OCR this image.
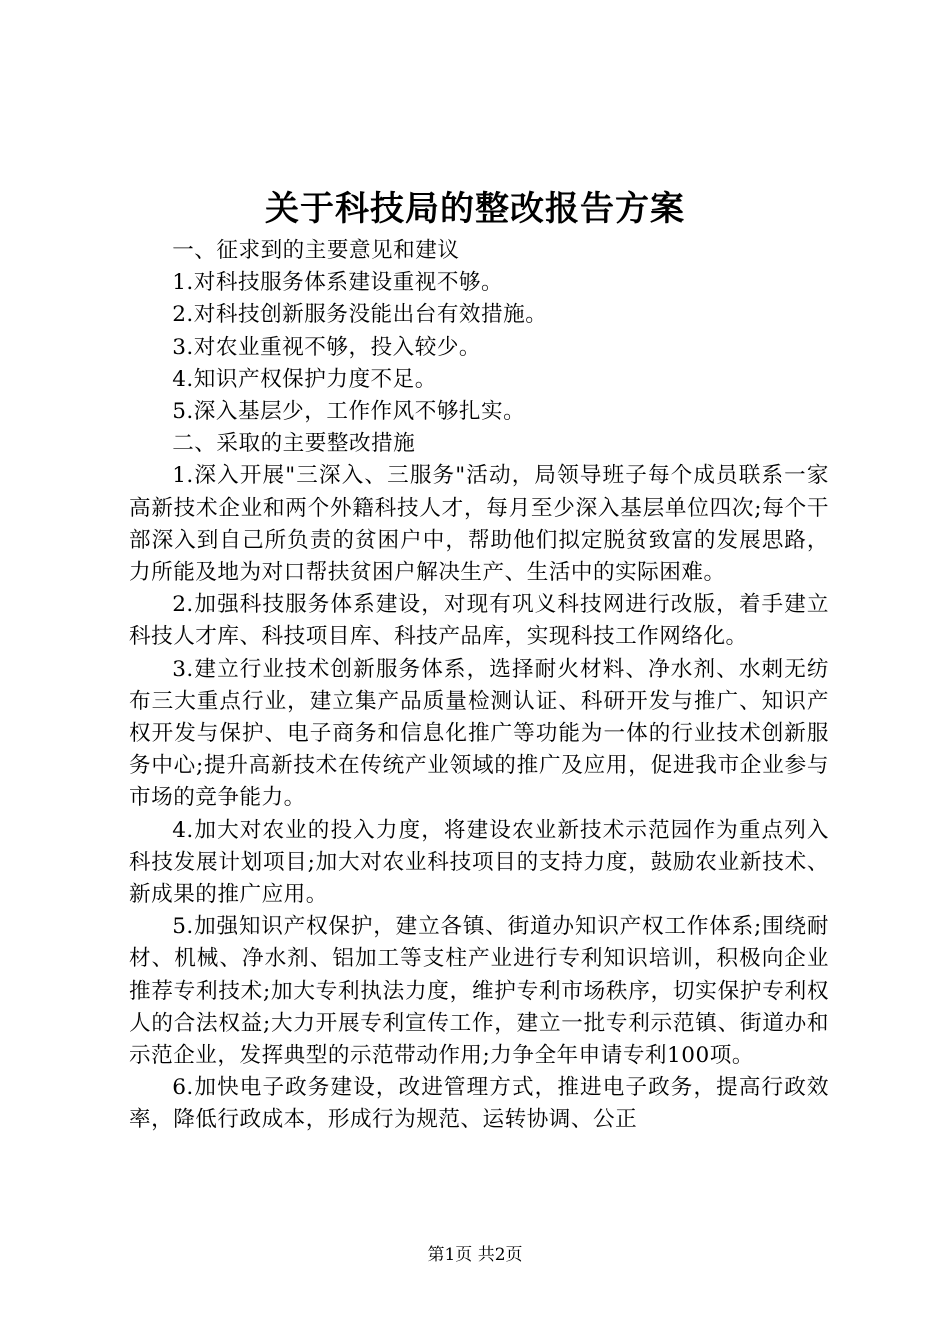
关于科技局的整改报告方案

一、征求到的主要意见和建议

1.对科技服务体系建设重视不够。

2.对科技创新服务没能出台有效措施。

3.对农业重视不够，投入较少。

4.知识产权保护力度不足。

5.深入基层少，工作作风不够扎实。

二、采取的主要整改措施

1.深入开展"三深入、三服务"活动，局领导班子每个成员联系一家高新技术企业和两个外籍科技人才，每月至少深入基层单位四次;每个干部深入到自己所负责的贫困户中，帮助他们拟定脱贫致富的发展思路，力所能及地为对口帮扶贫困户解决生产、生活中的实际困难。

2.加强科技服务体系建设，对现有巩义科技网进行改版，着手建立科技人才库、科技项目库、科技产品库，实现科技工作网络化。

3.建立行业技术创新服务体系，选择耐火材料、净水剂、水刺无纺布三大重点行业，建立集产品质量检测认证、科研开发与推广、知识产权开发与保护、电子商务和信息化推广等功能为一体的行业技术创新服务中心;提升高新技术在传统产业领域的推广及应用，促进我市企业参与市场的竞争能力。

4.加大对农业的投入力度，将建设农业新技术示范园作为重点列入科技发展计划项目;加大对农业科技项目的支持力度，鼓励农业新技术、新成果的推广应用。

5.加强知识产权保护，建立各镇、街道办知识产权工作体系;围绕耐材、机械、净水剂、铝加工等支柱产业进行专利知识培训，积极向企业推荐专利技术;加大专利执法力度，维护专利市场秩序，切实保护专利权人的合法权益;大力开展专利宣传工作，建立一批专利示范镇、街道办和示范企业，发挥典型的示范带动作用;力争全年申请专利100项。

6.加快电子政务建设，改进管理方式，推进电子政务，提高行政效率，降低行政成本，形成行为规范、运转协调、公正

第1页 共2页
